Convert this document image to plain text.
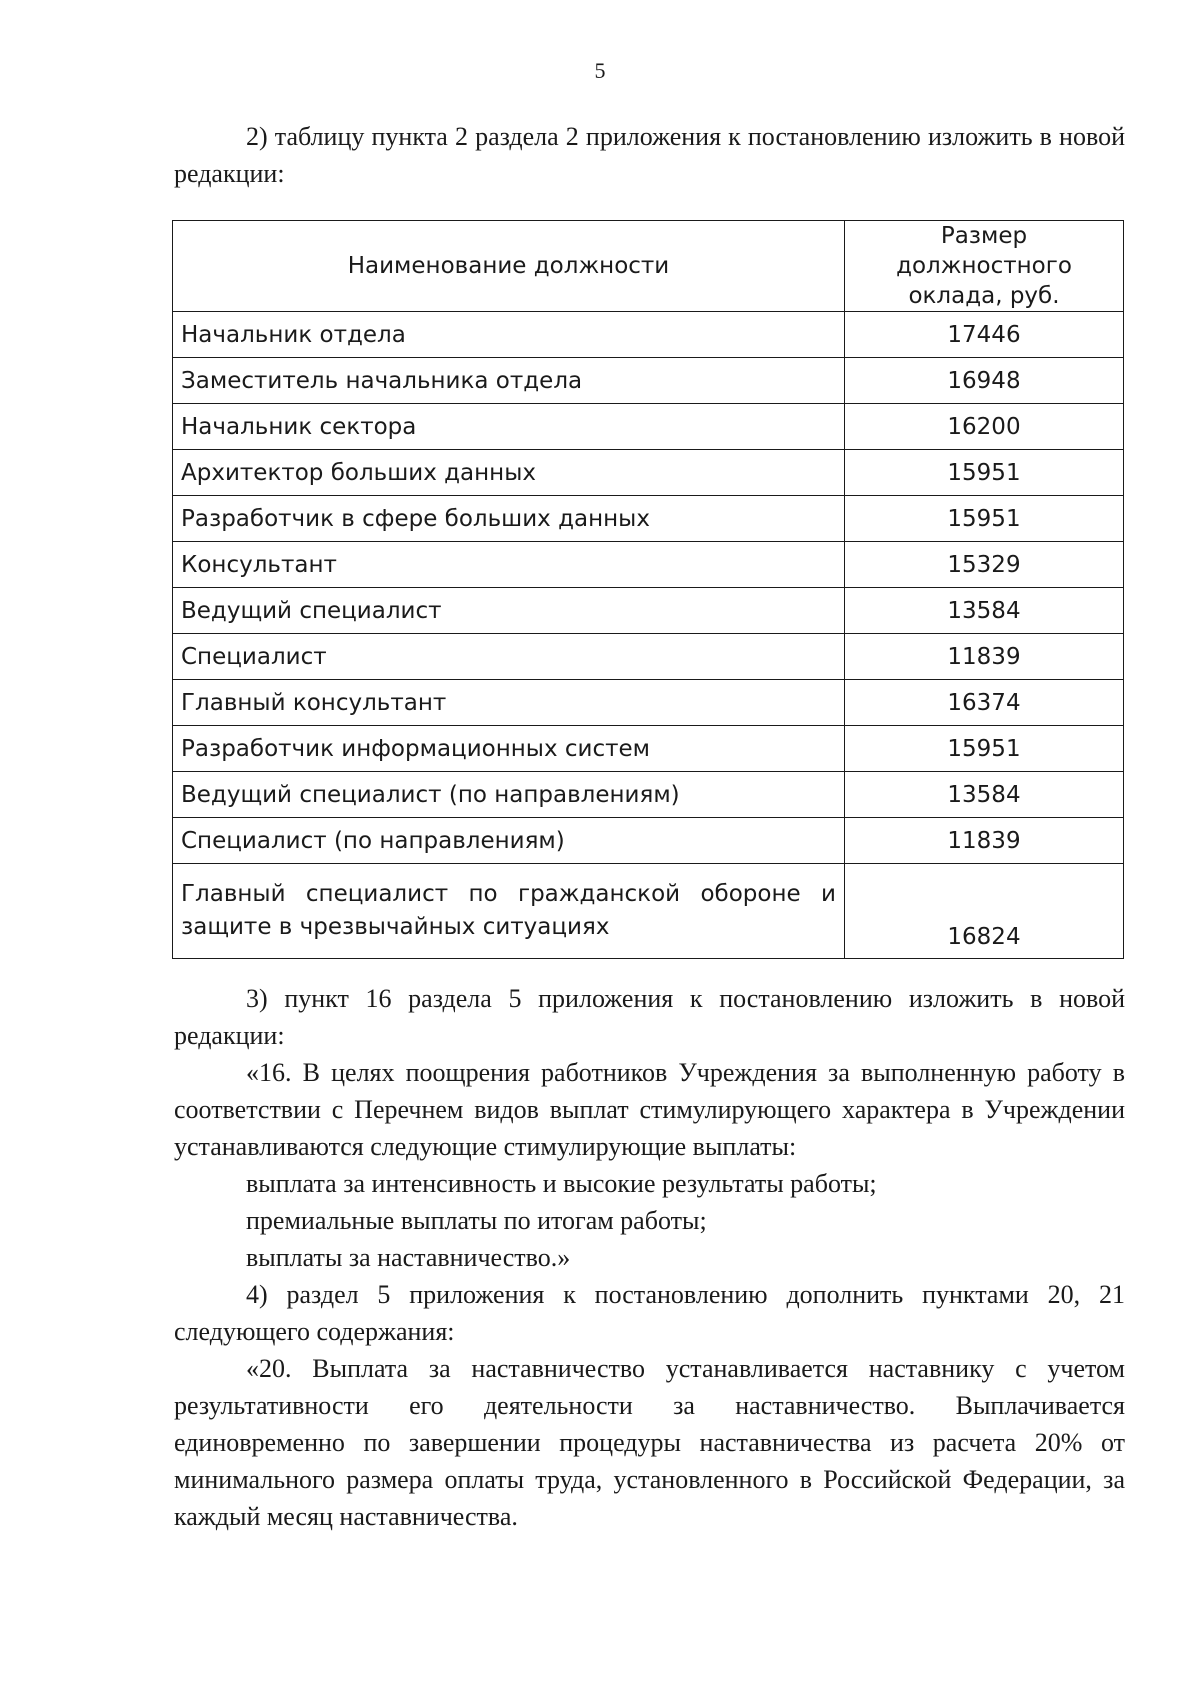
5

2) таблицу пункта 2 раздела 2 приложения к постановлению изложить в новой редакции:

Наименование должности	Размер должностного оклада, руб.
Начальник отдела	17446
Заместитель начальника отдела	16948
Начальник сектора	16200
Архитектор больших данных	15951
Разработчик в сфере больших данных	15951
Консультант	15329
Ведущий специалист	13584
Специалист	11839
Главный консультант	16374
Разработчик информационных систем	15951
Ведущий специалист (по направлениям)	13584
Специалист (по направлениям)	11839
Главный специалист по гражданской обороне и защите в чрезвычайных ситуациях	16824

3) пункт 16 раздела 5 приложения к постановлению изложить в новой редакции:

«16. В целях поощрения работников Учреждения за выполненную работу в соответствии с Перечнем видов выплат стимулирующего характера в Учреждении устанавливаются следующие стимулирующие выплаты:

выплата за интенсивность и высокие результаты работы;

премиальные выплаты по итогам работы;

выплаты за наставничество.»

4) раздел 5 приложения к постановлению дополнить пунктами 20, 21 следующего содержания:

«20. Выплата за наставничество устанавливается наставнику с учетом результативности его деятельности за наставничество. Выплачивается единовременно по завершении процедуры наставничества из расчета 20% от минимального размера оплаты труда, установленного в Российской Федерации, за каждый месяц наставничества.
